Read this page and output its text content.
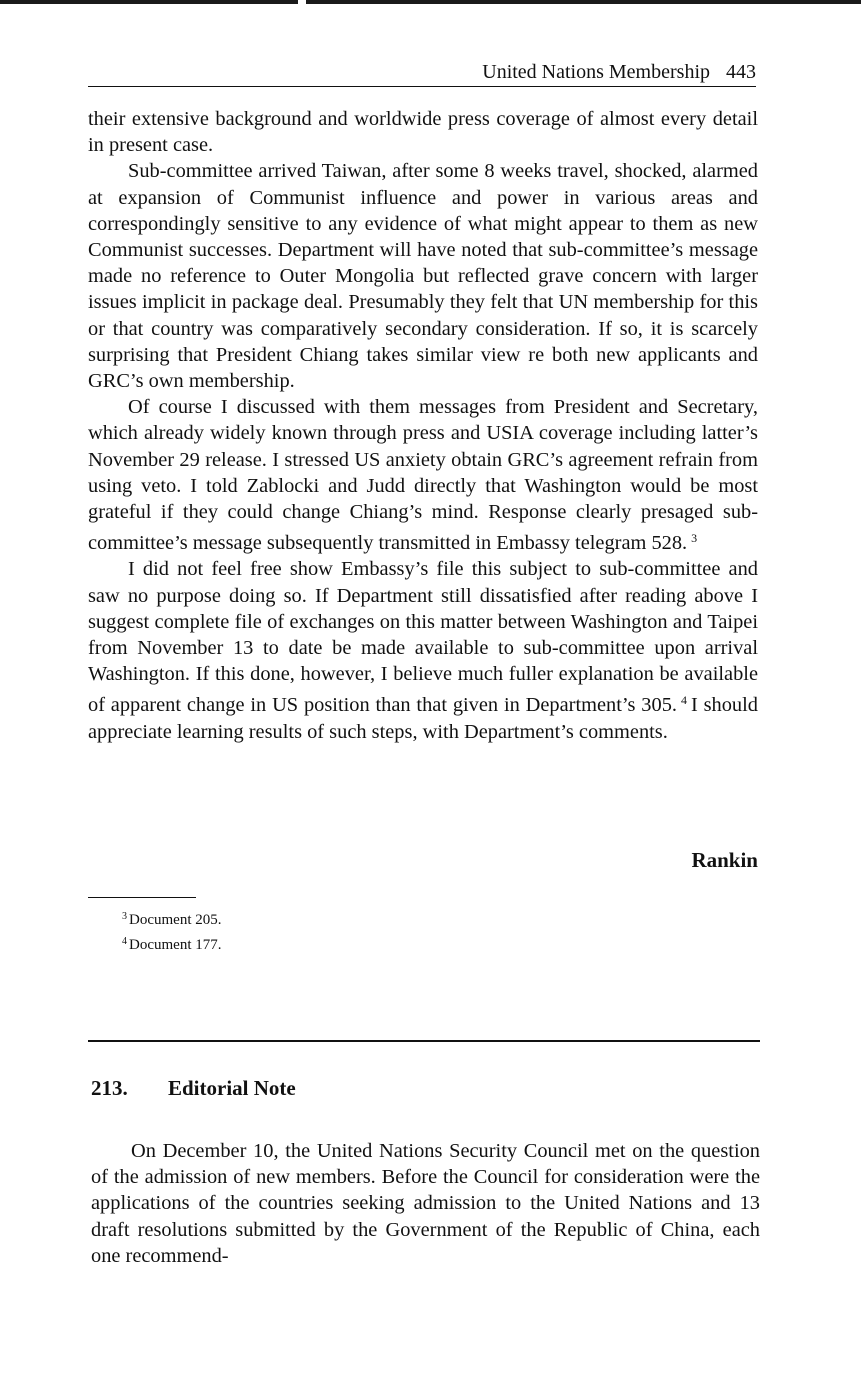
United Nations Membership 443

their extensive background and worldwide press coverage of almost every detail in present case.

Sub-committee arrived Taiwan, after some 8 weeks travel, shocked, alarmed at expansion of Communist influence and power in various areas and correspondingly sensitive to any evidence of what might appear to them as new Communist successes. Department will have noted that sub-committee’s message made no reference to Outer Mongolia but reflected grave concern with larger issues implicit in package deal. Presumably they felt that UN membership for this or that country was comparatively secondary consideration. If so, it is scarcely surprising that President Chiang takes similar view re both new applicants and GRC’s own membership.

Of course I discussed with them messages from President and Secretary, which already widely known through press and USIA coverage including latter’s November 29 release. I stressed US anxiety obtain GRC’s agreement refrain from using veto. I told Zablocki and Judd directly that Washington would be most grateful if they could change Chiang’s mind. Response clearly presaged sub-committee’s message subsequently transmitted in Embassy telegram 528. $^3$

I did not feel free show Embassy’s file this subject to sub-committee and saw no purpose doing so. If Department still dissatisfied after reading above I suggest complete file of exchanges on this matter between Washington and Taipei from November 13 to date be made available to sub-committee upon arrival Washington. If this done, however, I believe much fuller explanation be available of apparent change in US position than that given in Department’s 305. $^4$ I should appreciate learning results of such steps, with Department’s comments.

Rankin
$^3$ Document 205.
$^4$ Document 177.
213. Editorial Note

On December 10, the United Nations Security Council met on the question of the admission of new members. Before the Council for consideration were the applications of the countries seeking admission to the United Nations and 13 draft resolutions submitted by the Government of the Republic of China, each one recommend-
